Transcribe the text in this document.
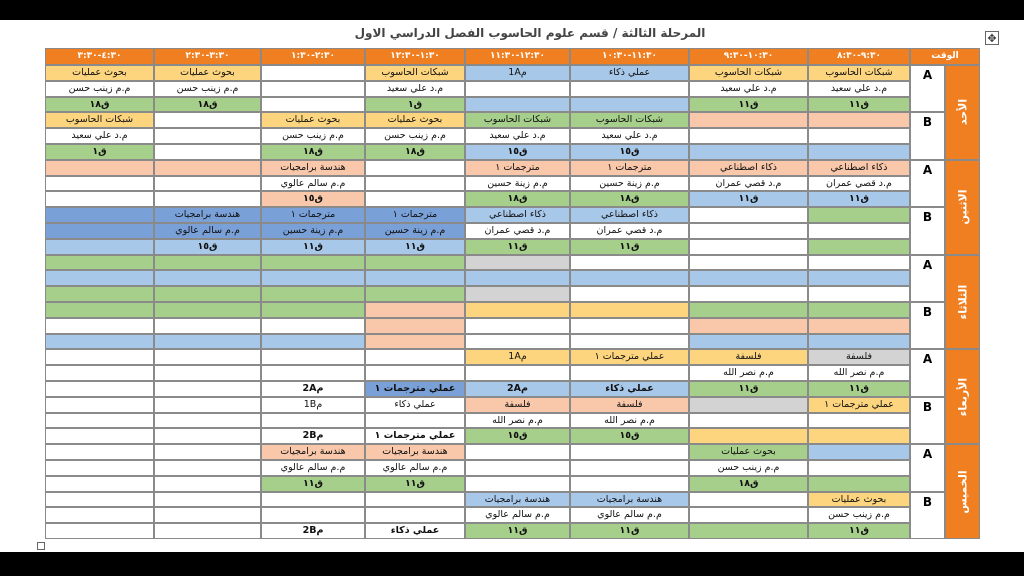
المرحلة الثالثة / قسم علوم الحاسوب الفصل الدراسي الاول	✥
الوقت
٩:٣٠-٨:٣٠
١٠:٣٠-٩:٣٠
١١:٣٠-١٠:٣٠
١٢:٣٠-١١:٣٠
١:٣٠-١٢:٣٠
٢:٣٠-١:٣٠
٣:٣٠-٢:٣٠
٤:٣٠-٣:٣٠
الأحد
A
B
الاثنين
A
B
الثلاثاء
A
B
الأربعاء
A
B
الخميس
A
B
شبكات الحاسوب
شبكات الحاسوب
عملي ذكاء
م1A
شبكات الحاسوب
بحوث عمليات
بحوث عمليات
م.د علي سعيد
م.د علي سعيد
م.د علي سعيد
م.م زينب حسن
م.م زينب حسن
ق١١
ق١١
ق١
ق١٨
ق١٨
شبكات الحاسوب
شبكات الحاسوب
بحوث عمليات
بحوث عمليات
شبكات الحاسوب
م.د علي سعيد
م.د علي سعيد
م.م زينب حسن
م.م زينب حسن
م.د علي سعيد
ق١٥
ق١٥
ق١٨
ق١٨
ق١
ذكاء اصطناعي
ذكاء اصطناعي
مترجمات ١
مترجمات ١
هندسة برامجيات
م.د قصي عمران
م.د قصي عمران
م.م زينة حسين
م.م زينة حسين
م.م سالم عالوي
ق١١
ق١١
ق١٨
ق١٨
ق١٥
ذكاء اصطناعي
ذكاء اصطناعي
مترجمات ١
مترجمات ١
هندسة برامجيات
م.د قصي عمران
م.د قصي عمران
م.م زينة حسين
م.م زينة حسين
م.م سالم عالوي
ق١١
ق١١
ق١١
ق١١
ق١٥
فلسفة
فلسفة
عملي مترجمات ١
م1A
م.م نصر الله
م.م نصر الله
ق١١
ق١١
عملي ذكاء
م2A
عملي مترجمات ١
م2A
عملي مترجمات ١
فلسفة
فلسفة
عملي ذكاء
م1B
م.م نصر الله
م.م نصر الله
ق١٥
ق١٥
عملي مترجمات ١
م2B
بحوث عمليات
هندسة برامجيات
هندسة برامجيات
م.م زينب حسن
م.م سالم عالوي
م.م سالم عالوي
ق١٨
ق١١
ق١١
بحوث عمليات
هندسة برامجيات
هندسة برامجيات
م.م زينب حسن
م.م سالم عالوي
م.م سالم عالوي
ق١١
ق١١
ق١١
عملي ذكاء
م2B
